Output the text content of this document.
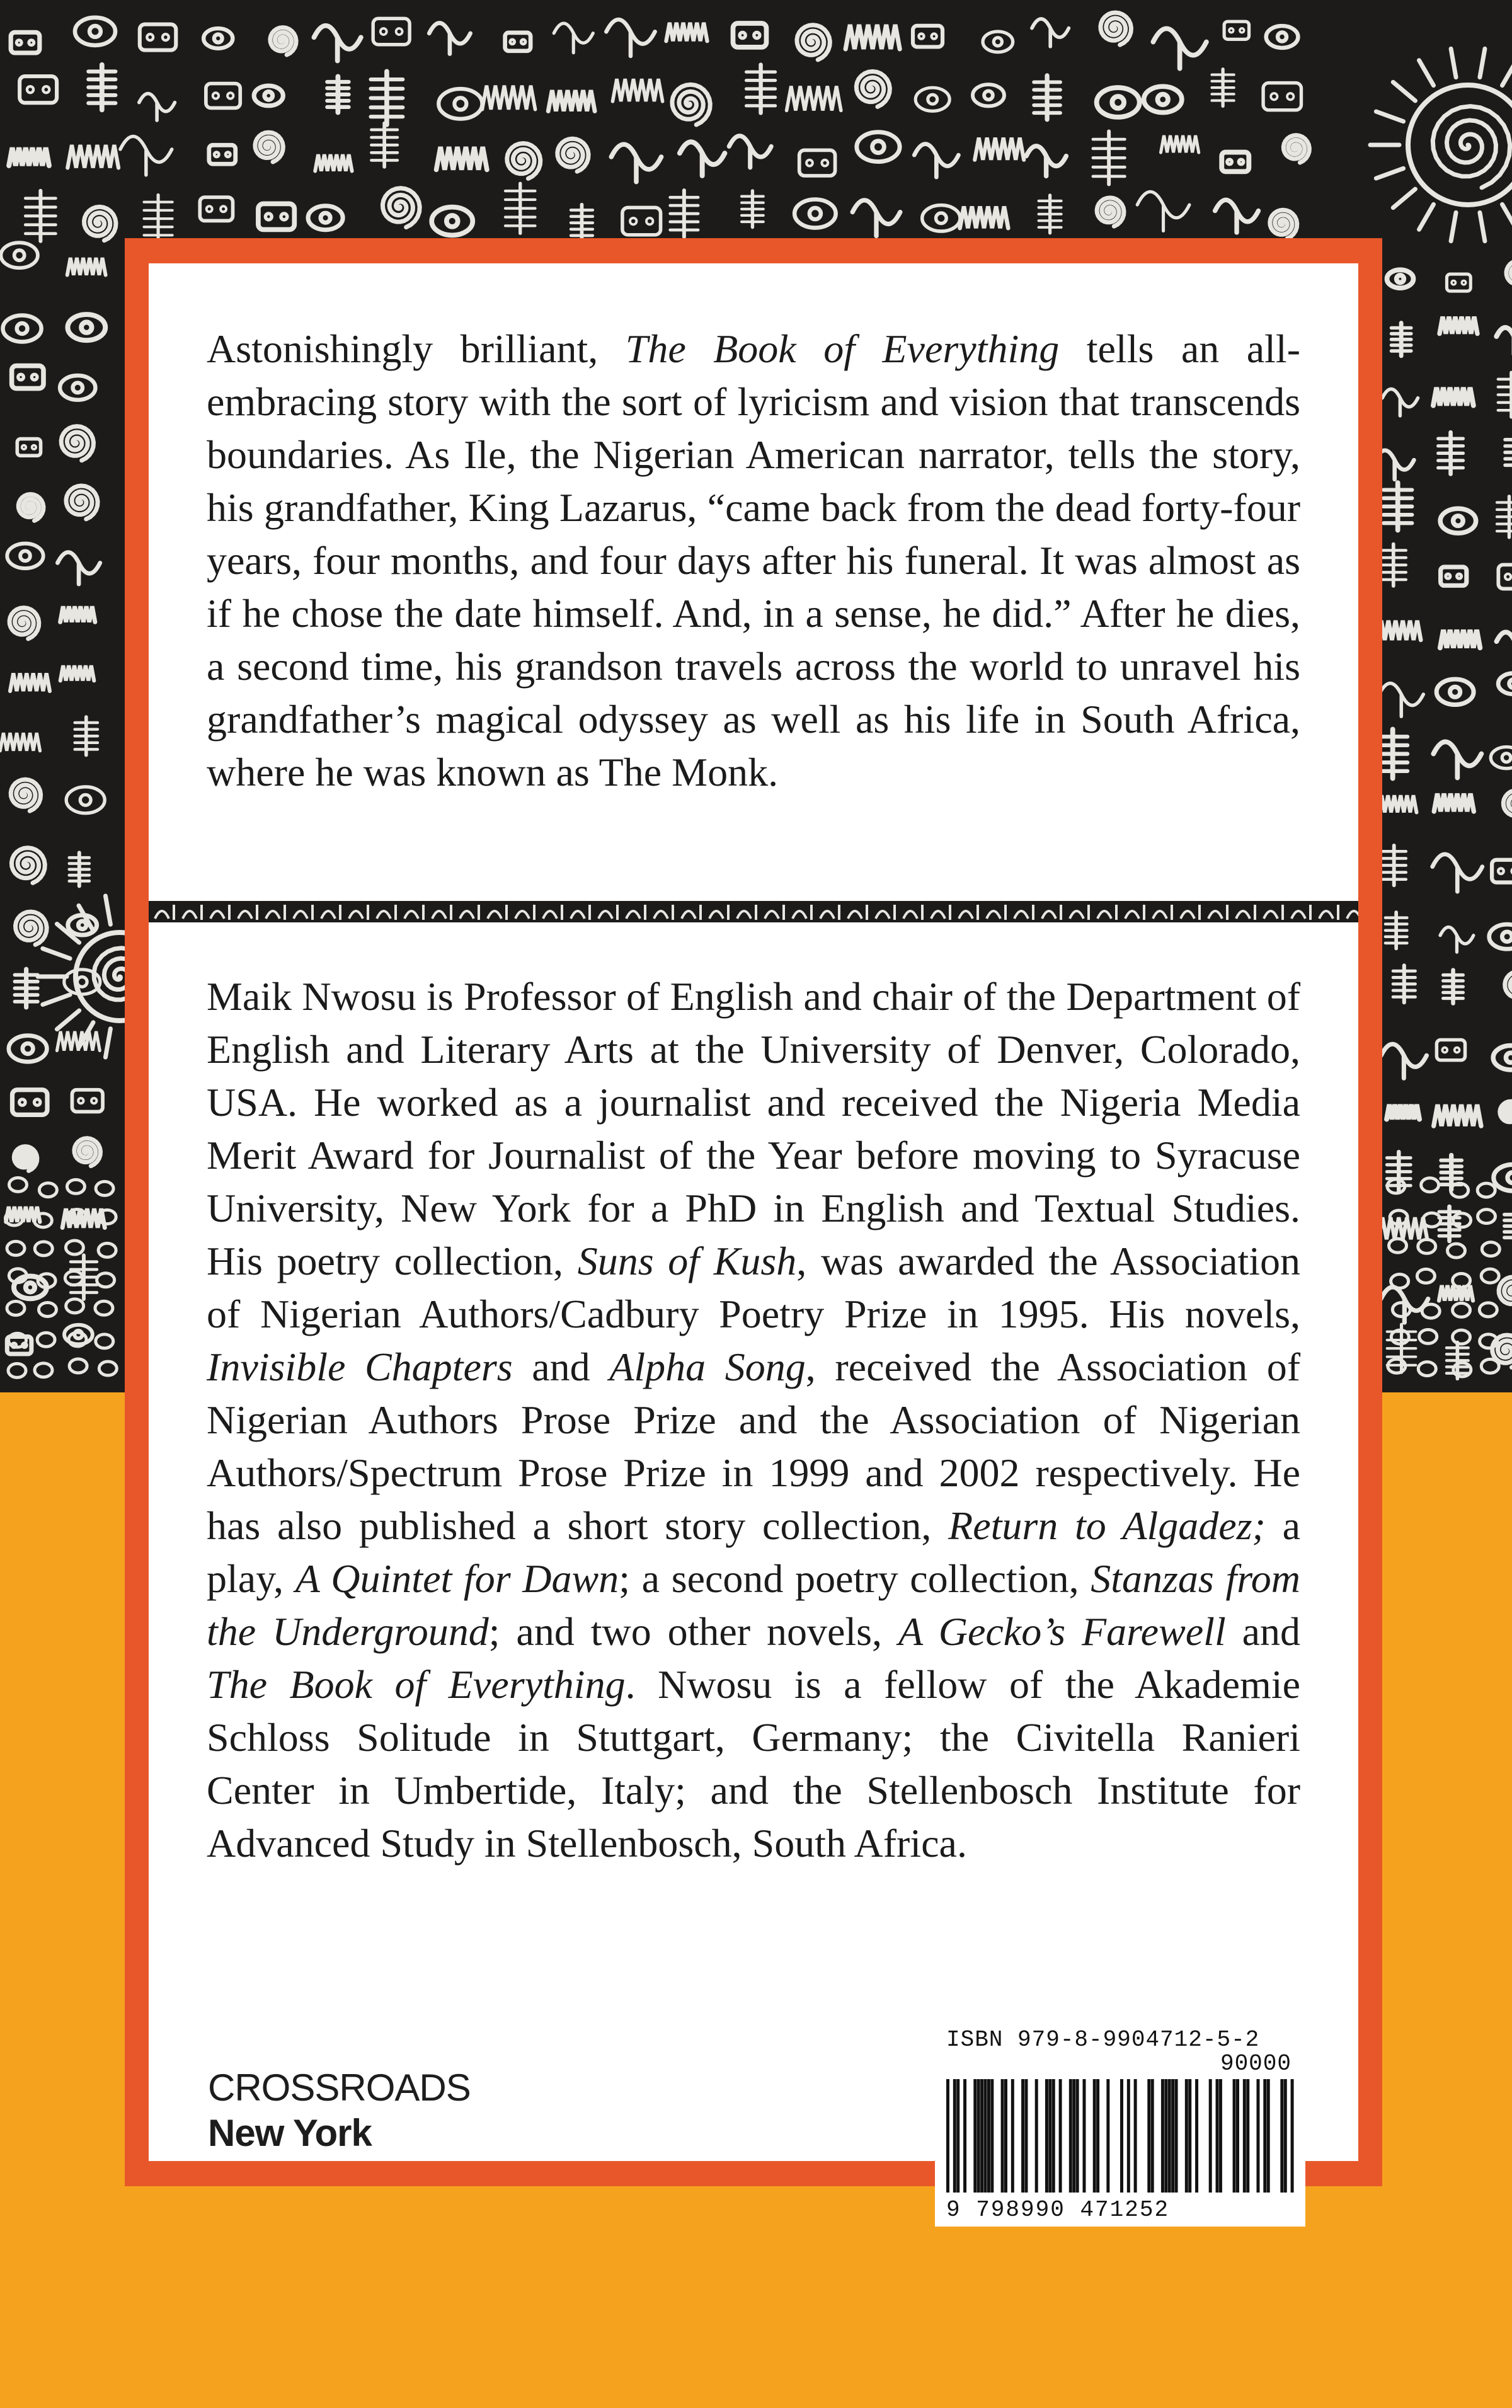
Astonishingly brilliant, The Book of Everything tells an all-embracing story with the sort of lyricism and vision that transcends boundaries. As Ile, the Nigerian American narrator, tells the story, his grandfather, King Lazarus, “came back from the dead forty-four years, four months, and four days after his funeral. It was almost as if he chose the date himself. And, in a sense, he did.” After he dies, a second time, his grandson travels across the world to unravel his grandfather’s magical odyssey as well as his life in South Africa, where he was known as The Monk.

Maik Nwosu is Professor of English and chair of the Department of English and Literary Arts at the University of Denver, Colorado, USA. He worked as a journalist and received the Nigeria Media Merit Award for Journalist of the Year before moving to Syracuse University, New York for a PhD in English and Textual Studies. His poetry collection, Suns of Kush, was awarded the Association of Nigerian Authors/Cadbury Poetry Prize in 1995. His novels, Invisible Chapters and Alpha Song, received the Association of Nigerian Authors Prose Prize and the Association of Nigerian Authors/Spectrum Prose Prize in 1999 and 2002 respectively. He has also published a short story collection, Return to Algadez; a play, A Quintet for Dawn; a second poetry collection, Stanzas from the Underground; and two other novels, A Gecko’s Farewell and The Book of Everything. Nwosu is a fellow of the Akademie Schloss Solitude in Stuttgart, Germany; the Civitella Ranieri Center in Umbertide, Italy; and the Stellenbosch Institute for Advanced Study in Stellenbosch, South Africa.

CROSSROADS
New York
ISBN 979-8-9904712-5-2
90000
9 798990 471252
